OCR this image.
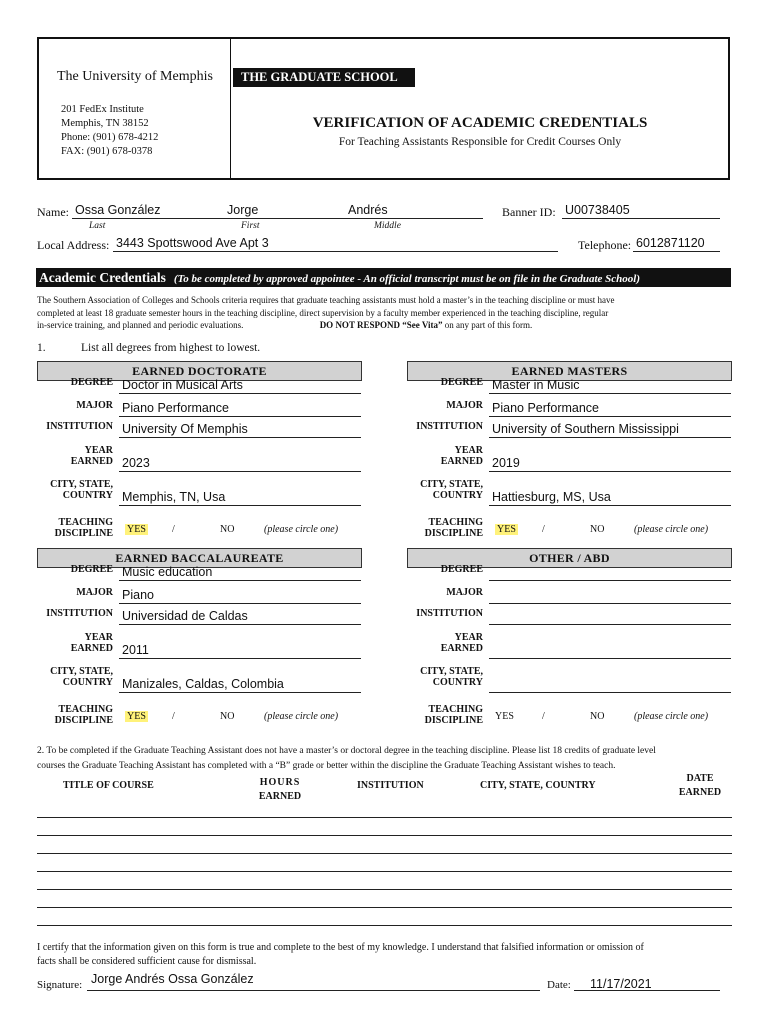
The University of Memphis
201 FedEx Institute
Memphis, TN 38152
Phone: (901) 678-4212
FAX: (901) 678-0378
THE GRADUATE SCHOOL
VERIFICATION OF ACADEMIC CREDENTIALS
For Teaching Assistants Responsible for Credit Courses Only
Name: Ossa González	Jorge	Andrés
Last	First	Middle
Banner ID: U00738405
Local Address: 3443 Spottswood Ave Apt 3	Telephone: 6012871120
Academic Credentials (To be completed by approved appointee - An official transcript must be on file in the Graduate School)
The Southern Association of Colleges and Schools criteria requires that graduate teaching assistants must hold a master’s in the teaching discipline or must have
completed at least 18 graduate semester hours in the teaching discipline, direct supervision by a faculty member experienced in the teaching discipline, regular
in-service training, and planned and periodic evaluations.	DO NOT RESPOND “See Vita” on any part of this form.
1.	List all degrees from highest to lowest.
EARNED DOCTORATE
DEGREE Doctor in Musical Arts
MAJOR Piano Performance
INSTITUTION University Of Memphis
YEAR
EARNED 2023
CITY, STATE,
COUNTRY Memphis, TN, Usa
TEACHING
DISCIPLINE YES	/	NO	(please circle one)
EARNED MASTERS
DEGREE Master in Music
MAJOR Piano Performance
INSTITUTION University of Southern Mississippi
YEAR
EARNED 2019
CITY, STATE,
COUNTRY Hattiesburg, MS, Usa
TEACHING
DISCIPLINE YES	/	NO	(please circle one)
EARNED BACCALAUREATE
DEGREE Music education
MAJOR Piano
INSTITUTION Universidad de Caldas
YEAR
EARNED 2011
CITY, STATE,
COUNTRY Manizales, Caldas, Colombia
TEACHING
DISCIPLINE YES	/	NO	(please circle one)
OTHER / ABD
DEGREE
MAJOR
INSTITUTION
YEAR
EARNED
CITY, STATE,
COUNTRY
TEACHING
DISCIPLINE YES	/	NO	(please circle one)
2. To be completed if the Graduate Teaching Assistant does not have a master’s or doctoral degree in the teaching discipline. Please list 18 credits of graduate level
courses the Graduate Teaching Assistant has completed with a “B” grade or better within the discipline the Graduate Teaching Assistant wishes to teach.
TITLE OF COURSE	HOURS
EARNED
INSTITUTION	CITY, STATE, COUNTRY
DATE
EARNED
I certify that the information given on this form is true and complete to the best of my knowledge. I understand that falsified information or omission of
facts shall be considered sufficient cause for dismissal.
Signature: Jorge Andrés Ossa González	Date: 11/17/2021
